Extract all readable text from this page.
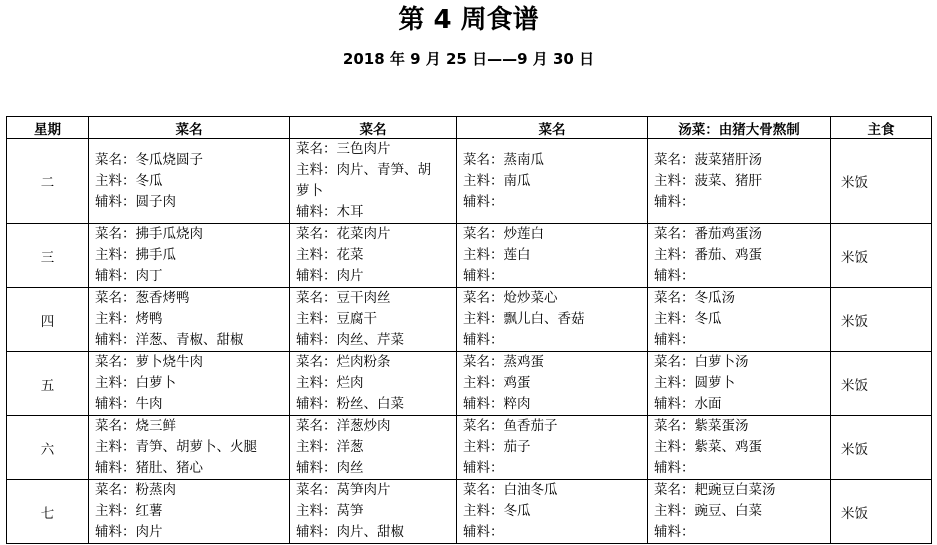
第 4 周食谱
2018 年 9 月 25 日——9 月 30 日
星期	菜名	菜名	菜名	汤菜：由猪大骨熬制	主食
二	菜名：冬瓜烧圆子
主料：冬瓜
辅料：圆子肉	菜名：三色肉片
主料：肉片、青笋、胡
萝卜
辅料：木耳	菜名：蒸南瓜
主料：南瓜
辅料：	菜名：菠菜猪肝汤
主料：菠菜、猪肝
辅料：	米饭
三	菜名：拂手瓜烧肉
主料：拂手瓜
辅料：肉丁	菜名：花菜肉片
主料：花菜
辅料：肉片	菜名：炒莲白
主料：莲白
辅料：	菜名：番茄鸡蛋汤
主料：番茄、鸡蛋
辅料：	米饭
四	菜名：葱香烤鸭
主料：烤鸭
辅料：洋葱、青椒、甜椒	菜名：豆干肉丝
主料：豆腐干
辅料：肉丝、芹菜	菜名：炝炒菜心
主料：飘儿白、香菇
辅料：	菜名：冬瓜汤
主料：冬瓜
辅料：	米饭
五	菜名：萝卜烧牛肉
主料：白萝卜
辅料：牛肉	菜名：烂肉粉条
主料：烂肉
辅料：粉丝、白菜	菜名：蒸鸡蛋
主料：鸡蛋
辅料：粹肉	菜名：白萝卜汤
主料：圆萝卜
辅料：水面	米饭
六	菜名：烧三鲜
主料：青笋、胡萝卜、火腿
辅料：猪肚、猪心	菜名：洋葱炒肉
主料：洋葱
辅料：肉丝	菜名：鱼香茄子
主料：茄子
辅料：	菜名：紫菜蛋汤
主料：紫菜、鸡蛋
辅料：	米饭
七	菜名：粉蒸肉
主料：红薯
辅料：肉片	菜名：莴笋肉片
主料：莴笋
辅料：肉片、甜椒	菜名：白油冬瓜
主料：冬瓜
辅料：	菜名：耙豌豆白菜汤
主料：豌豆、白菜
辅料：	米饭
